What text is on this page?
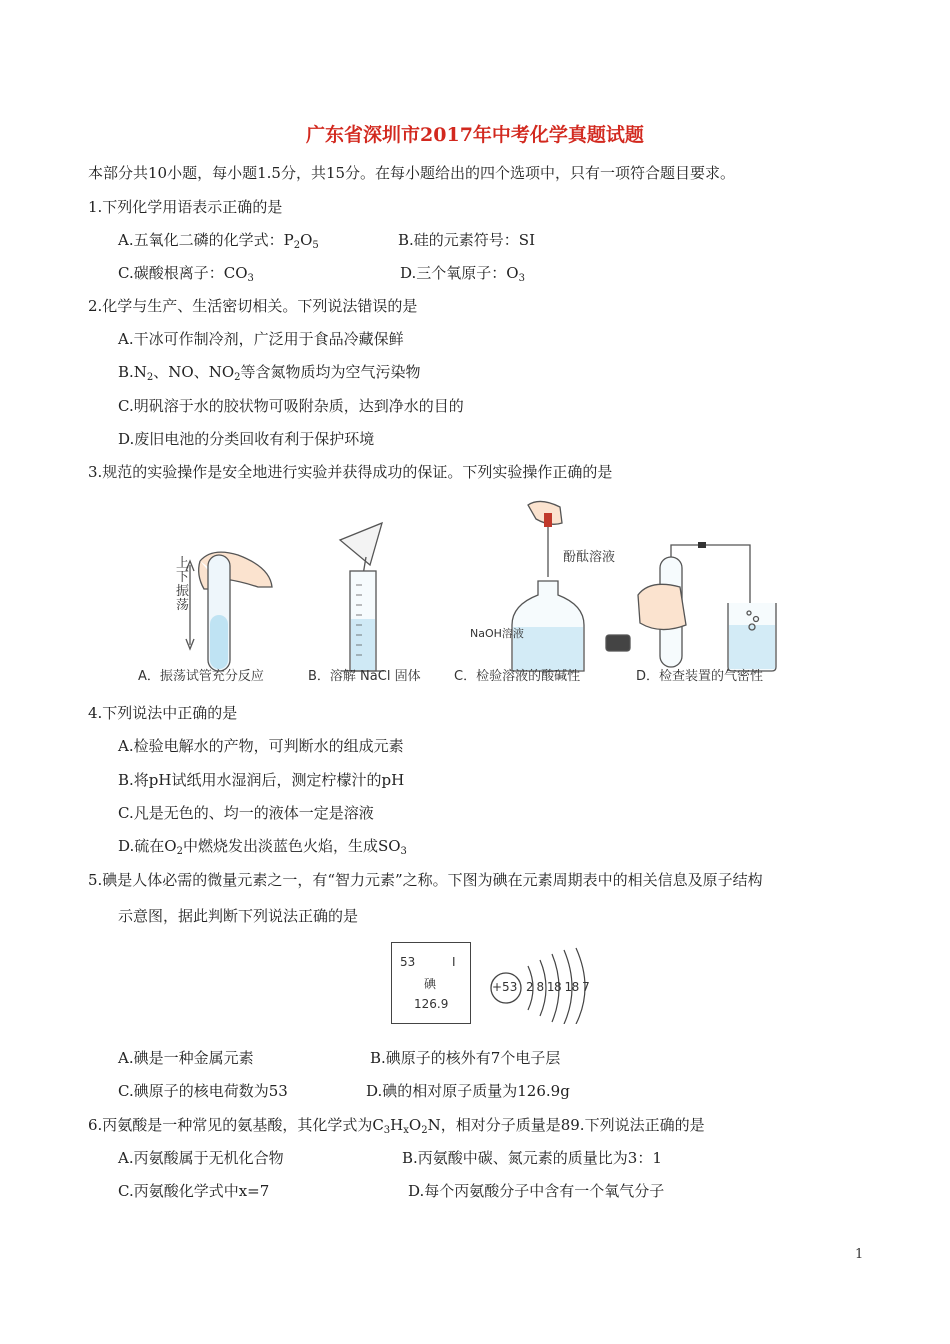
广东省深圳市2017年中考化学真题试题
本部分共10小题，每小题1.5分，共15分。在每小题给出的四个选项中，只有一项符合题目要求。
1.下列化学用语表示正确的是
A.五氧化二磷的化学式：$P_2O_5$	B.硅的元素符号：SI
C.碳酸根离子：$CO_3$	D.三个氧原子：$O_3$
2.化学与生产、生活密切相关。下列说法错误的是
A.干冰可作制冷剂，广泛用于食品冷藏保鲜
$B.N_2$、NO、$NO_2$等含氮物质均为空气污染物
C.明矾溶于水的胶状物可吸附杂质，达到净水的目的
D.废旧电池的分类回收有利于保护环境
3.规范的实验操作是安全地进行实验并获得成功的保证。下列实验操作正确的是
上下振荡
酚酞溶液
NaOH溶液
A．振荡试管充分反应	B．溶解 NaCl 固体	C．检验溶液的酸碱性	D．检查装置的气密性
4.下列说法中正确的是
A.检验电解水的产物，可判断水的组成元素
B.将pH试纸用水湿润后，测定柠檬汁的pH
C.凡是无色的、均一的液体一定是溶液
D.硫在$O_2$中燃烧发出淡蓝色火焰，生成$SO_3$
5.碘是人体必需的微量元素之一，有“智力元素”之称。下图为碘在元素周期表中的相关信息及原子结构
示意图，据此判断下列说法正确的是
53	I
碘
126.9
+53 2 8 18 18 7
A.碘是一种金属元素	B.碘原子的核外有7个电子层
C.碘原子的核电荷数为53	D.碘的相对原子质量为126.9g
6.丙氨酸是一种常见的氨基酸，其化学式为$C_3H_xO_2N$，相对分子质量是89.下列说法正确的是
A.丙氨酸属于无机化合物	B.丙氨酸中碳、氮元素的质量比为3：1
C.丙氨酸化学式中x=7	D.每个丙氨酸分子中含有一个氧气分子
1
